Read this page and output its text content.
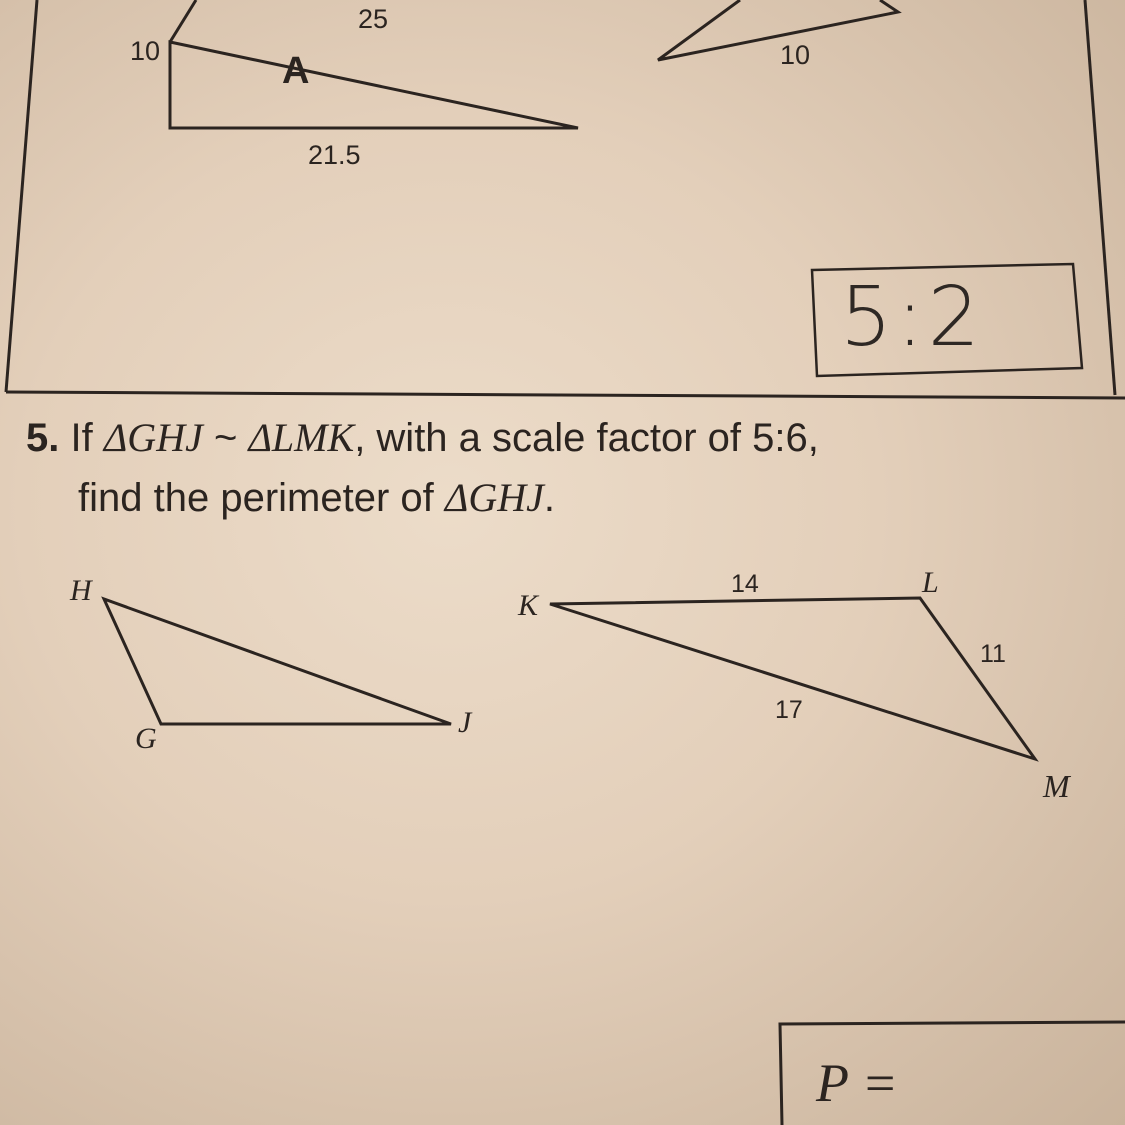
10
25
A
21.5
10
5:2
5. If ΔGHJ ~ ΔLMK, with a scale factor of 5:6,
find the perimeter of ΔGHJ.
H
G	J
K
L
M
14
11
17
P =
